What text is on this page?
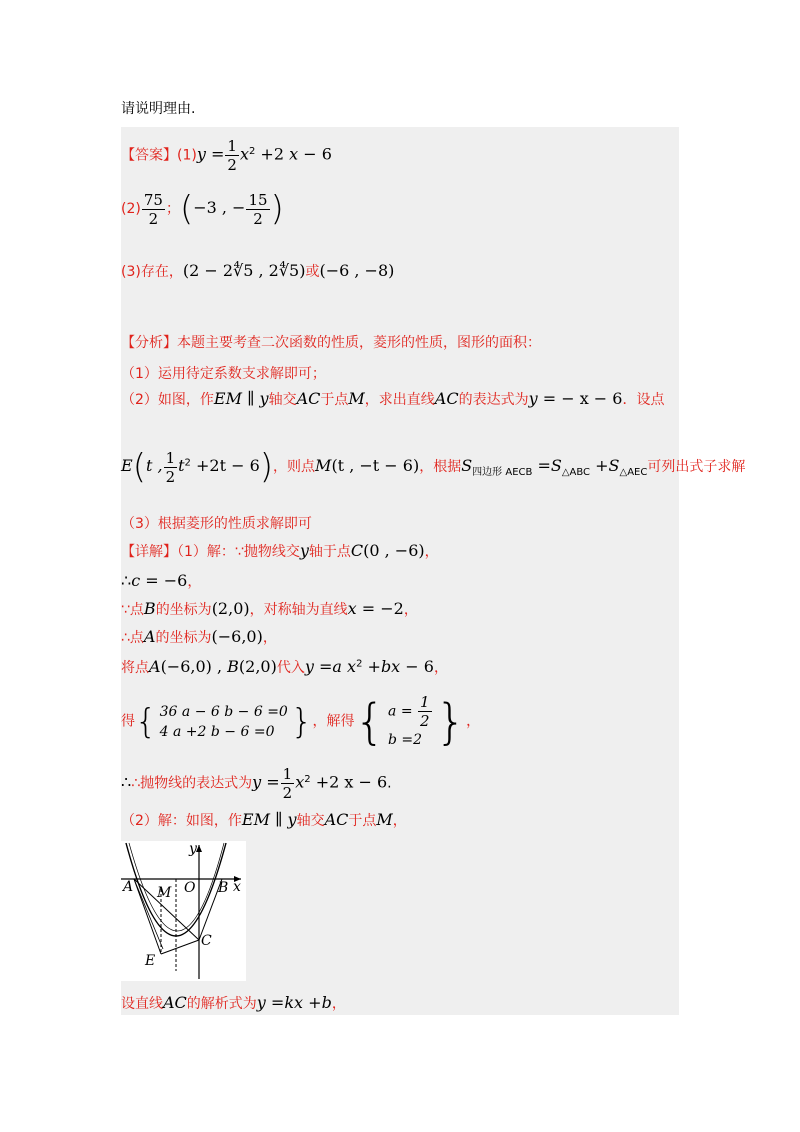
请说明理由.
【答案】$(1)y = \frac{1}{2} x^2 +2$ x − 6
$(2) \frac{75}{2}$ ；(−3 , − $\frac{15}{2}$ )
(3)存在，(2 − 2∜5 , 2∜5)或(−6 , −8)
【分析】本题主要考查二次函数的性质，菱形的性质，图形的面积：
（1）运用待定系数支求解即可；
（2）如图，作EM ∥ y轴交AC于点M，求出直线AC的表达式为y = − x − 6．设点
E(t , $\frac{1}{2} t^2 +2t - 6$)，则点M(t , −t − 6)，根据$S_{四边形 AECB} =S_{\triangle ABC} +S_{\triangle AEC}$可列出式子求解
（3）根据菱形的性质求解即可
【详解】（1）解：∵抛物线交y轴于点C(0 , −6)，
∴c = −6，
∵点B的坐标为(2,0)，对称轴为直线x = −2，
∴点A的坐标为(−6,0)，
将点A(−6,0) , B(2,0)代入y =a $x^2 +bx - 6$，
得 { 36 a − 6 b − 6 =0
4 a +2 b − 6 =0 } ，解得 { $a = \frac{1}{2}$
b =2 } ，
∴∴抛物线的表达式为$y = \frac{1}{2} x^2 +2$ x − 6.
（2）解：如图，作EM ∥ y轴交AC于点M，
y
x
A M O B
C
E
设直线AC的解析式为y =kx +b，
